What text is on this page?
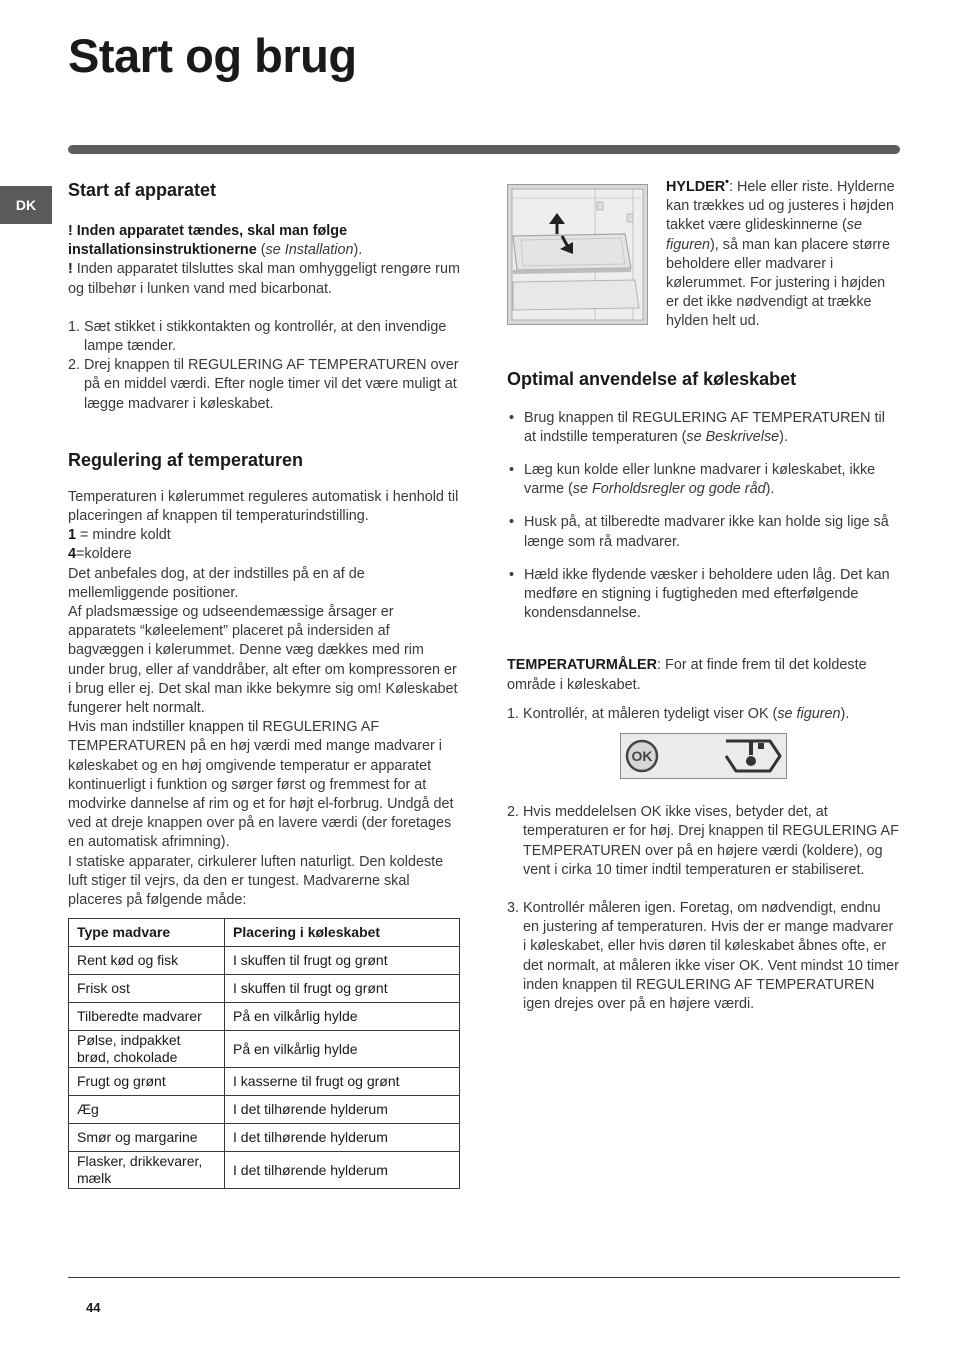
Start og brug
DK
Start af apparatet

! Inden apparatet tændes, skal man følge installationsinstruktionerne (se Installation).

! Inden apparatet tilsluttes skal man omhyggeligt rengøre rum og tilbehør i lunken vand med bicarbonat.

1. Sæt stikket i stikkontakten og kontrollér, at den invendige lampe tænder.
2. Drej knappen til REGULERING AF TEMPERATUREN over på en middel værdi. Efter nogle timer vil det være muligt at lægge madvarer i køleskabet.
Regulering af temperaturen

Temperaturen i kølerummet reguleres automatisk i henhold til placeringen af knappen til temperaturindstilling.

1 = mindre koldt

4=koldere

Det anbefales dog, at der indstilles på en af de mellemliggende positioner.
Af pladsmæssige og udseendemæssige årsager er apparatets “køleelement” placeret på indersiden af bagvæggen i kølerummet. Denne væg dækkes med rim under brug, eller af vanddråber, alt efter om kompressoren er i brug eller ej. Det skal man ikke bekymre sig om! Køleskabet fungerer helt normalt.
Hvis man indstiller knappen til REGULERING AF TEMPERATUREN på en høj værdi med mange madvarer i køleskabet og en høj omgivende temperatur er apparatet kontinuerligt i funktion og sørger først og fremmest for at modvirke dannelse af rim og et for højt el-forbrug. Undgå det ved at dreje knappen over på en lavere værdi (der foretages en automatisk afrimning).
I statiske apparater, cirkulerer luften naturligt. Den koldeste luft stiger til vejrs, da den er tungest. Madvarerne skal placeres på følgende måde:

Type madvare	Placering i køleskabet
Rent kød og fisk	I skuffen til frugt og grønt
Frisk ost	I skuffen til frugt og grønt
Tilberedte madvarer	På en vilkårlig hylde
Pølse, indpakket brød, chokolade	På en vilkårlig hylde
Frugt og grønt	I kasserne til frugt og grønt
Æg	I det tilhørende hylderum
Smør og margarine	I det tilhørende hylderum
Flasker, drikkevarer, mælk	I det tilhørende hylderum

HYLDER•: Hele eller riste. Hylderne kan trækkes ud og justeres i højden takket være glideskinnerne (se figuren), så man kan placere større beholdere eller madvarer i kølerummet. For justering i højden er det ikke nødvendigt at trække hylden helt ud.

Optimal anvendelse af køleskabet
• Brug knappen til REGULERING AF TEMPERATUREN til at indstille temperaturen (se Beskrivelse).
• Læg kun kolde eller lunkne madvarer i køleskabet, ikke varme (se Forholdsregler og gode råd).
• Husk på, at tilberedte madvarer ikke kan holde sig lige så længe som rå madvarer.
• Hæld ikke flydende væsker i beholdere uden låg. Det kan medføre en stigning i fugtigheden med efterfølgende kondensdannelse.

TEMPERATURMÅLER: For at finde frem til det koldeste område i køleskabet.

1. Kontrollér, at måleren tydeligt viser OK (se figuren).
OK
2. Hvis meddelelsen OK ikke vises, betyder det, at temperaturen er for høj. Drej knappen til REGULERING AF TEMPERATUREN over på en højere værdi (koldere), og vent i cirka 10 timer indtil temperaturen er stabiliseret.
3. Kontrollér måleren igen. Foretag, om nødvendigt, endnu en justering af temperaturen. Hvis der er mange madvarer i køleskabet, eller hvis døren til køleskabet åbnes ofte, er det normalt, at måleren ikke viser OK. Vent mindst 10 timer inden knappen til REGULERING AF TEMPERATUREN igen drejes over på en højere værdi.
44
